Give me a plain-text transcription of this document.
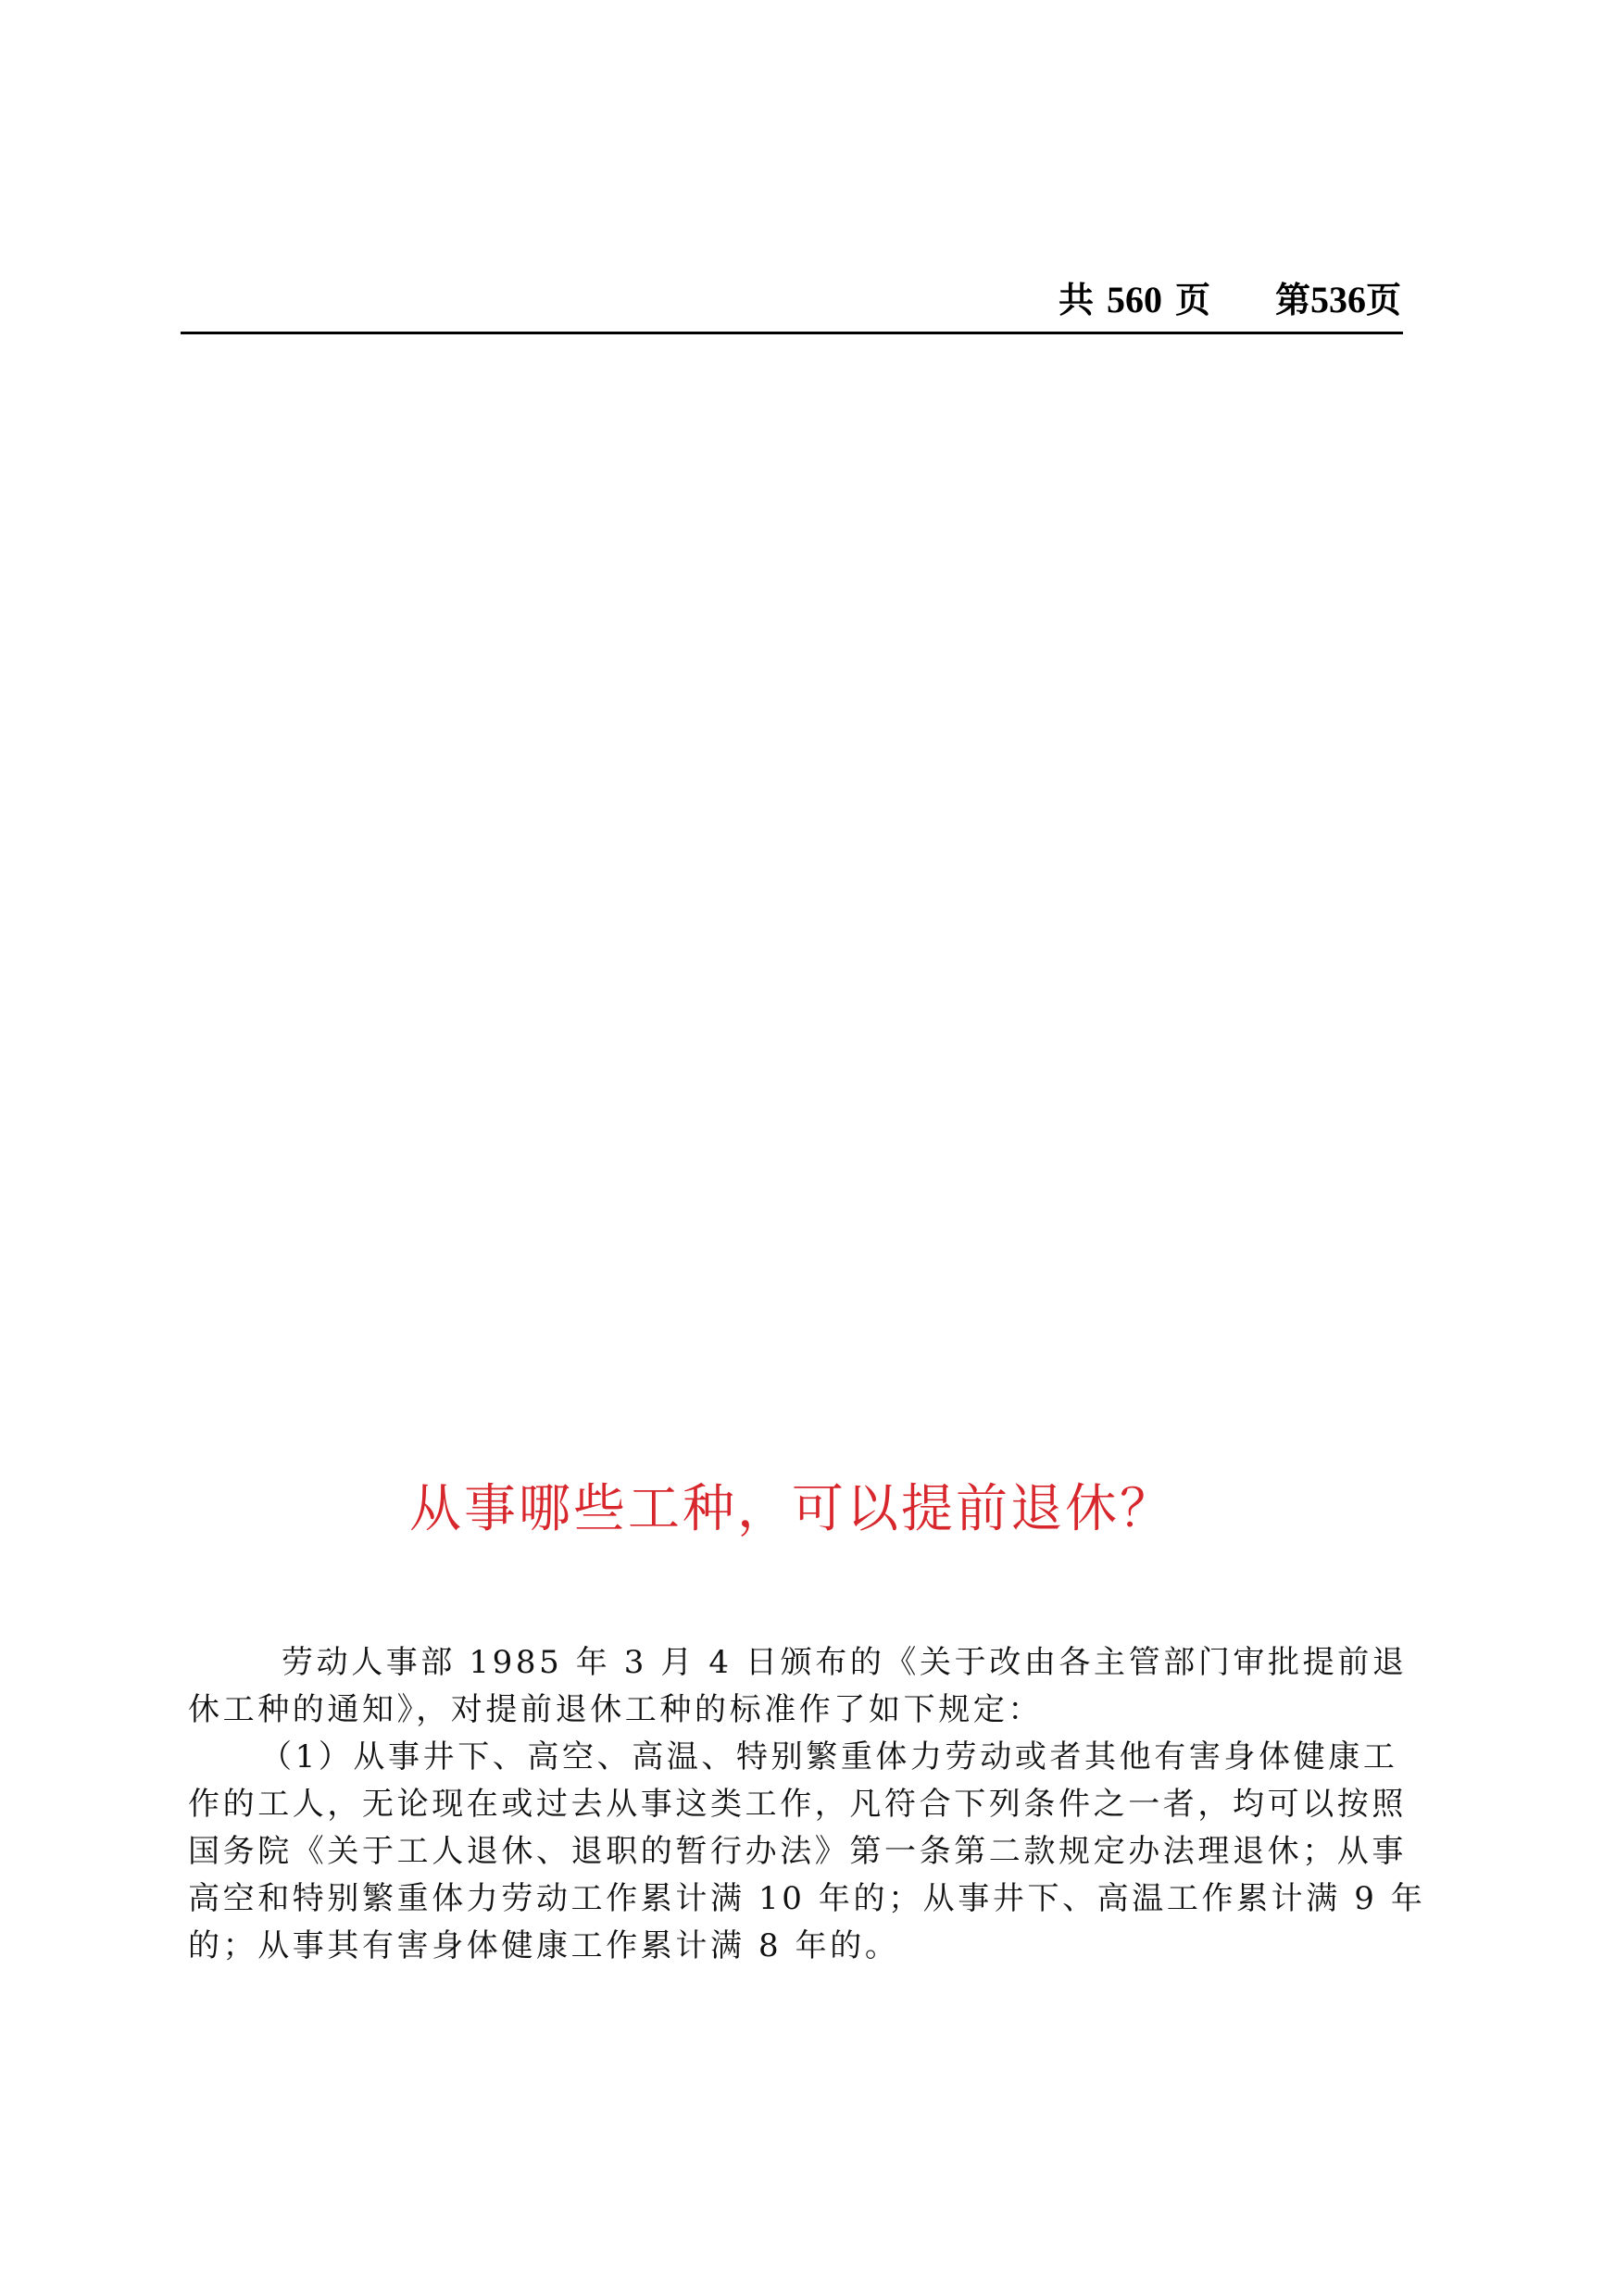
共 560 页 第536页
从事哪些工种，可以提前退休？

劳动人事部 1985 年 3 月 4 日颁布的《关于改由各主管部门审批提前退休工种的通知》，对提前退休工种的标准作了如下规定：

（1）从事井下、高空、高温、特别繁重体力劳动或者其他有害身体健康工作的工人，无论现在或过去从事这类工作，凡符合下列条件之一者，均可以按照国务院《关于工人退休、退职的暂行办法》第一条第二款规定办法理退休；从事高空和特别繁重体力劳动工作累计满 10 年的；从事井下、高温工作累计满 9 年的；从事其有害身体健康工作累计满 8 年的。
